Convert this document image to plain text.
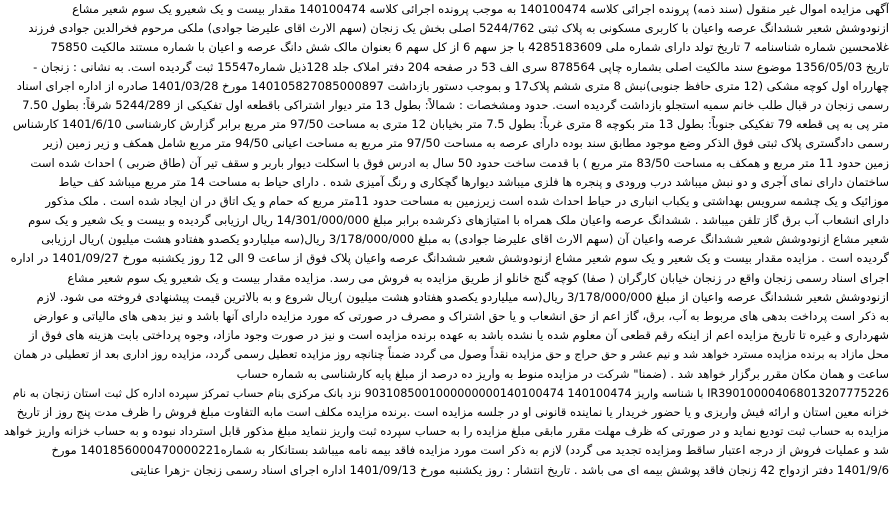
آگهی مزایده اموال غیر منقول (سند ذمه) پرونده اجرائی کلاسه 140100474 به موجب پرونده اجرائی کلاسه 140100474 مقدار بیست و یک شعیرو یک سوم شعیر مشاع
ازنودوشش شعیر ششدانگ عرصه واعیان با کاربری مسکونی به پلاک ثبتی 5244/762 اصلی بخش یک زنجان (سهم الارث اقای علیرضا جوادی) ملکی مرحوم فخرالدین جوادی فرزند
غلامحسین شماره شناسنامه 7 تاریخ تولد دارای شماره ملی 4285183609 با جز سهم 6 از کل سهم 6 بعنوان مالک شش دانگ عرصه و اعیان با شماره مستند مالکیت 75850
تاریخ 1356/05/03 موضوع سند مالکیت اصلی بشماره چاپی 878564 سری الف 53 در صفحه 204 دفتر املاک جلد 128ذیل شماره15547 ثبت گردیده است. به نشانی : زنجان -
چهارراه اول کوچه مشکی (12 متری حافظ جنوبی)نبش 8 متری ششم پلاک17 و بموجب دستور بازداشت 140105827085000897 مورخ 1401/03/28 صادره از اداره اجرای اسناد
رسمی زنجان در قبال طلب خانم سمیه استجلو بازداشت گردیده است. حدود ومشخصات : شمالاً: بطول 13 متر دیوار اشتراکی باقطعه اول تفکیکی از 5244/289 شرقاً: بطول 7.50
متر پی به پی قطعه 79 تفکیکی جنوباً: بطول 13 متر بکوچه 8 متری غرباً: بطول 7.5 متر بخیابان 12 متری به مساحت 97/50 متر مربع برابر گزارش کارشناسی 1401/6/10 کارشناس
رسمی دادگستری پلاک ثبتی فوق الذکر وضع موجود مطابق سند بوده دارای عرصه به مساحت 97/50 متر مربع به مساحت اعیانی 94/50 متر مربع شامل همکف و زیر زمین (زیر
زمین حدود 11 متر مربع و همکف به مساحت 83/50 متر مربع ) با قدمت ساخت حدود 50 سال به ادرس فوق با اسکلت دیوار باربر و سقف تیر آن (طاق ضربی ) احداث شده است
ساختمان دارای نمای آجری و دو نبش میباشد درب ورودی و پنجره ها فلزی میباشد دیوارها گچکاری و رنگ آمیزی شده . دارای حیاط به مساحت 14 متر مربع میباشد کف حیاط
موزائیک و یک چشمه سرویس بهداشتی و یکباب انباری در حیاط احداث شده است زیرزمین به مساحت حدود 11متر مربع که حمام و یک اتاق در ان ایجاد شده است . ملک مذکور
دارای انشعاب آب برق گاز تلفن میباشد . ششدانگ عرصه واعیان ملک همراه با امتیازهای ذکرشده برابر مبلغ 14/301/000/000 ریال ارزیابی گردیده و بیست و یک شعیر و یک سوم
شعیر مشاع ازنودوشش شعیر ششدانگ عرصه واعیان آن (سهم الارث اقای علیرضا جوادی) به مبلغ 3/178/000/000 ریال(سه میلیاردو یکصدو هفتادو هشت میلیون )ریال ارزیابی
گردیده است . مزایده مقدار بیست و یک شعیر و یک سوم شعیر مشاع ازنودوشش شعیر ششدانگ عرصه واعیان پلاک فوق از ساعت 9 الی 12 روز یکشنبه مورخ 1401/09/27 در اداره
اجرای اسناد رسمی زنجان واقع در زنجان خیابان کارگران ( صفا) کوچه گنج خانلو از طریق مزایده به فروش می رسد. مزایده مقدار بیست و یک شعیرو یک سوم شعیر مشاع
ازنودوشش شعیر ششدانگ عرصه واعیان از مبلغ 3/178/000/000 ریال(سه میلیاردو یکصدو هفتادو هشت میلیون )ریال شروع و به بالاترین قیمت پیشنهادی فروخته می شود. لازم
به ذکر است پرداخت بدهی های مربوط به آب، برق، گاز اعم از حق انشعاب و یا حق اشتراک و مصرف در صورتی که مورد مزایده دارای آنها باشد و نیز بدهی های مالیاتی و عوارض
شهرداری و غیره تا تاریخ مزایده اعم از اینکه رقم قطعی آن معلوم شده یا نشده باشد به عهده برنده مزایده است و نیز در صورت وجود مازاد، وجوه پرداختی بابت هزینه های فوق از
محل مازاد به برنده مزایده مسترد خواهد شد و نیم عشر و حق حراج و حق مزایده نقداً وصول می گردد ضمناً چنانچه روز مزایده تعطیل رسمی گردد، مزایده روز اداری بعد از تعطیلی در همان
ساعت و همان مکان مقرر برگزار خواهد شد . (ضمنا" شرکت در مزایده منوط به واریز ده درصد از مبلغ پایه کارشناسی به شماره حساب
IR390100004068013207775226 با شناسه واریز 140100474 9031085001000000000140100474 نزد بانک مرکزی بنام حساب تمرکز سپرده اداره کل ثبت استان زنجان به نام
خزانه معین استان و ارائه فیش واریزی و یا حضور خریدار یا نماینده قانونی او در جلسه مزایده است .برنده مزایده مکلف است مابه التفاوت مبلغ فروش را ظرف مدت پنج روز از تاریخ
مزایده به حساب ثبت تودیع نماید و در صورتی که ظرف مهلت مقرر مابقی مبلغ مزایده را به حساب سپرده ثبت واریز ننماید مبلغ مذکور قابل استرداد نبوده و به حساب خزانه واریز خواهد
شد و عملیات فروش از درجه اعتبار ساقط ومزایده تجدید می گردد) لازم به ذکر است مورد مزایده فاقد بیمه نامه میباشد بستانکار به شماره1401856000470000221 مورخ
1401/9/6 دفتر ازدواج 42 زنجان فاقد پوشش بیمه ای می باشد . تاریخ انتشار : روز یکشنبه مورخ 1401/09/13 اداره اجرای اسناد رسمی زنجان -زهرا عنایتی
